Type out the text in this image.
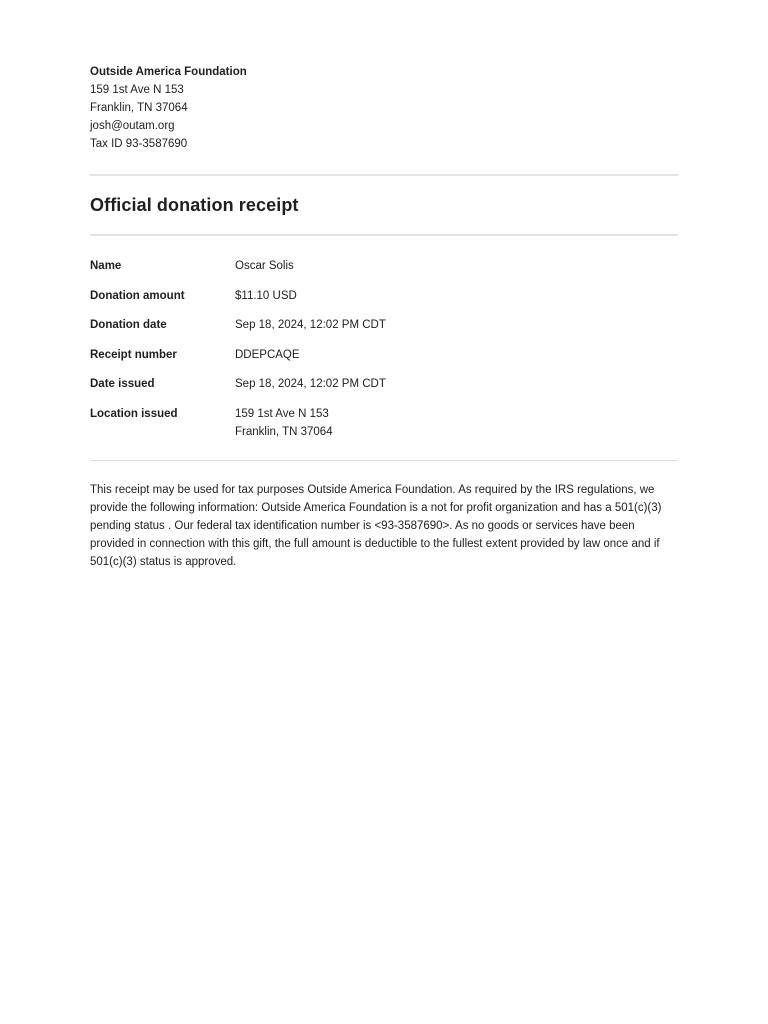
Outside America Foundation
159 1st Ave N 153
Franklin, TN 37064
josh@outam.org
Tax ID 93-3587690
Official donation receipt
Name	Oscar Solis
Donation amount	$11.10 USD
Donation date	Sep 18, 2024, 12:02 PM CDT
Receipt number	DDEPCAQE
Date issued	Sep 18, 2024, 12:02 PM CDT
Location issued	159 1st Ave N 153
Franklin, TN 37064

This receipt may be used for tax purposes Outside America Foundation. As required by the IRS regulations, we provide the following information: Outside America Foundation is a not for profit organization and has a 501(c)(3) pending status . Our federal tax identification number is <93-3587690>. As no goods or services have been provided in connection with this gift, the full amount is deductible to the fullest extent provided by law once and if 501(c)(3) status is approved.
